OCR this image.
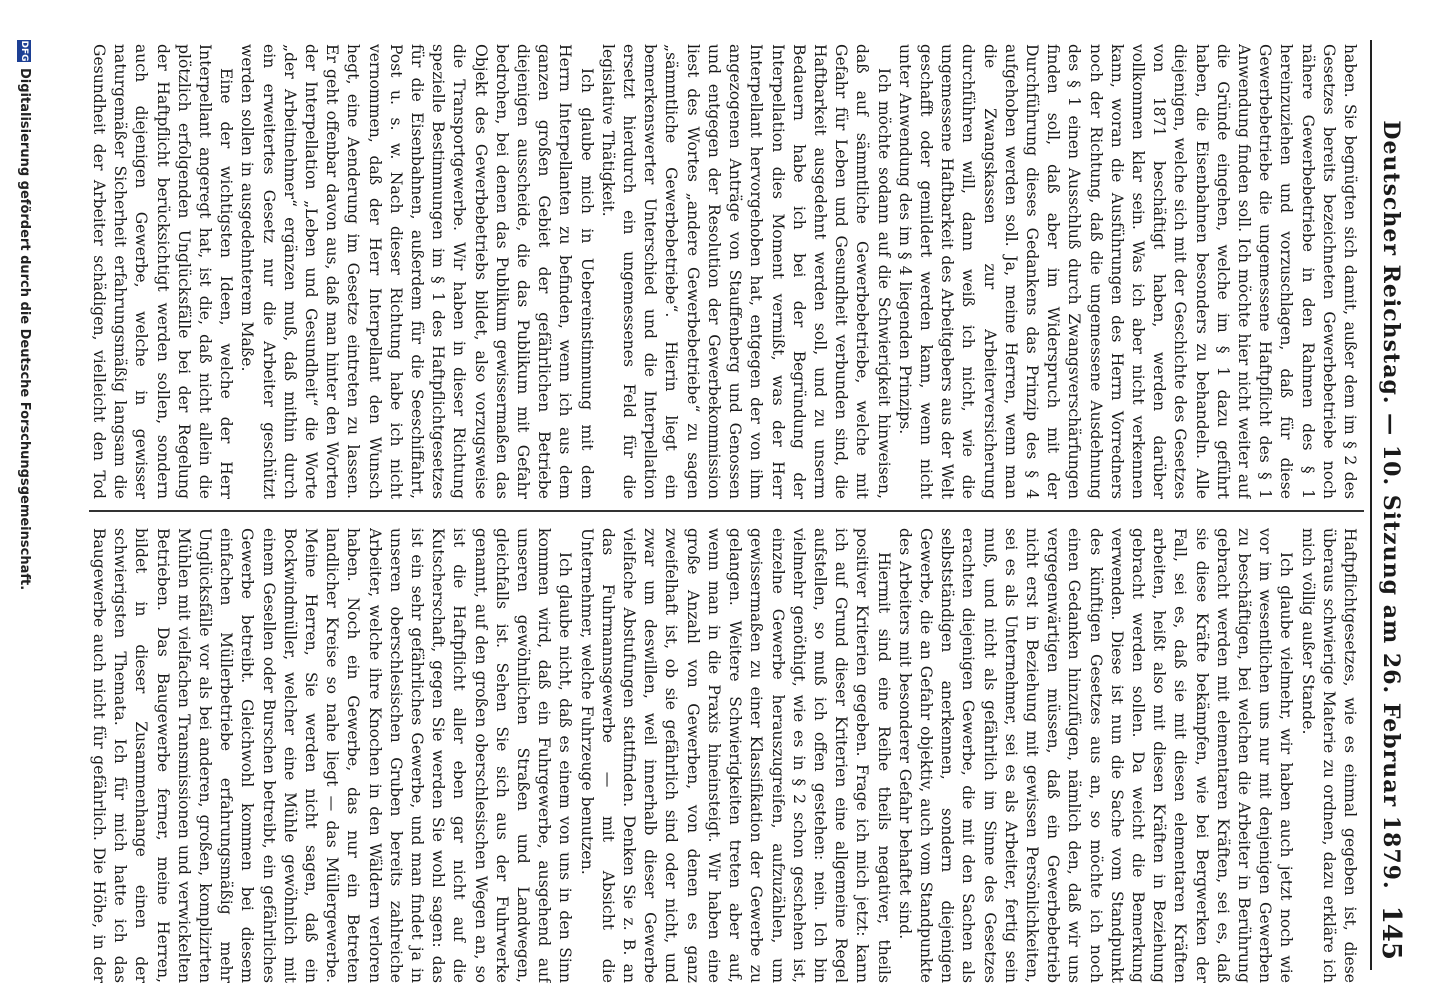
Deutscher Reichstag. — 10. Sitzung am 26. Februar 1879.
145

haben. Sie begnügten sich damit, außer dem im § 2 des Gesetzes bereits bezeichneten Gewerbebetriebe noch nähere Gewerbebetriebe in den Rahmen des § 1 hereinzuziehen und vorzuschlagen, daß für diese Gewerbebetriebe die ungemessene Haftpflicht des § 1 Anwendung finden soll. Ich möchte hier nicht weiter auf die Gründe eingehen, welche im § 1 dazu geführt haben, die Eisenbahnen besonders zu behandeln. Alle diejenigen, welche sich mit der Geschichte des Gesetzes von 1871 beschäftigt haben, werden darüber vollkommen klar sein. Was ich aber nicht verkennen kann, woran die Ausführungen des Herrn Vorredners noch der Richtung, daß die ungemessene Ausdehnung des § 1 einen Ausschluß durch Zwangsverschärfungen finden soll, daß aber im Widerspruch mit der Durchführung dieses Gedankens das Prinzip des § 4 aufgehoben werden soll. Ja, meine Herren, wenn man die Zwangskassen zur Arbeiterversicherung durchführen will, dann weiß ich nicht, wie die ungemessene Haftbarkeit des Arbeitgebers aus der Welt geschafft oder gemildert werden kann, wenn nicht unter Anwendung des im § 4 liegenden Prinzips.

Ich möchte sodann auf die Schwierigkeit hinweisen, daß auf sämmtliche Gewerbebetriebe, welche mit Gefahr für Leben und Gesundheit verbunden sind, die Haftbarkeit ausgedehnt werden soll, und zu unserm Bedauern habe ich bei der Begründung der Interpellation dies Moment vermißt, was der Herr Interpellant hervorgehoben hat, entgegen der von ihm angezogenen Anträge von Stauffenberg und Genossen und entgegen der Resolution der Gewerbekommission liest des Wortes „andere Gewerbebetriebe“ zu sagen „sämmtliche Gewerbebetriebe“. Hierin liegt ein bemerkenswerter Unterschied und die Interpellation ersetzt hierdurch ein ungemessenes Feld für die legislative Thätigkeit.

Ich glaube mich in Uebereinstimmung mit dem Herrn Interpellanten zu befinden, wenn ich aus dem ganzen großen Gebiet der gefährlichen Betriebe diejenigen ausscheide, die das Publikum mit Gefahr bedrohen, bei denen das Publikum gewissermaßen das Objekt des Gewerbebetriebs bildet, also vorzugsweise die Transportgewerbe. Wir haben in dieser Richtung spezielle Bestimmungen im § 1 des Haftpflichtgesetzes für die Eisenbahnen, außerdem für die Seeschiffahrt, Post u. s. w. Nach dieser Richtung habe ich nicht vernommen, daß der Herr Interpellant den Wunsch hegt, eine Aenderung im Gesetze eintreten zu lassen. Er geht offenbar davon aus, daß man hinter den Worten der Interpellation „Leben und Gesundheit“ die Worte „der Arbeitnehmer“ ergänzen muß, daß mithin durch ein erweitertes Gesetz nur die Arbeiter geschützt werden sollen in ausgedehnterem Maße.

Eine der wichtigsten Ideen, welche der Herr Interpellant angeregt hat, ist die, daß nicht allein die plötzlich erfolgenden Unglücksfälle bei der Regelung der Haftpflicht berücksichtigt werden sollen, sondern auch diejenigen Gewerbe, welche in gewisser naturgemäßer Sicherheit erfahrungsmäßig langsam die Gesundheit der Arbeiter schädigen, vielleicht den Tod

Haftpflichtgesetzes, wie es einmal gegeben ist, diese überaus schwierige Materie zu ordnen, dazu erkläre ich mich völlig außer Stande.

Ich glaube vielmehr, wir haben auch jetzt noch wie vor im wesentlichen uns nur mit denjenigen Gewerben zu beschäftigen, bei welchen die Arbeiter in Berührung gebracht werden mit elementaren Kräften, sei es, daß sie diese Kräfte bekämpfen, wie bei Bergwerken der Fall, sei es, daß sie mit diesen elementaren Kräften arbeiten, heißt also mit diesen Kräften in Beziehung gebracht werden sollen. Da weicht die Bemerkung verwenden. Diese ist nun die Sache vom Standpunkt des künftigen Gesetzes aus an, so möchte ich noch einen Gedanken hinzufügen, nämlich den, daß wir uns vergegenwärtigen müssen, daß ein Gewerbebetrieb nicht erst in Beziehung mit gewissen Persönlichkeiten, sei es als Unternehmer, sei es als Arbeiter, fertig sein muß, und nicht als gefährlich im Sinne des Gesetzes erachten diejenigen Gewerbe, die mit den Sachen als selbstständigen anerkennen, sondern diejenigen Gewerbe, die an Gefahr objektiv, auch vom Standpunkte des Arbeiters mit besonderer Gefahr behaftet sind.

Hiermit sind eine Reihe theils negativer, theils positiver Kriterien gegeben. Frage ich mich jetzt: kann ich auf Grund dieser Kriterien eine allgemeine Regel aufstellen, so muß ich offen gestehen: nein. Ich bin vielmehr genöthigt, wie es in § 2 schon geschehen ist, einzelne Gewerbe herauszugreifen, aufzuzählen, um gewissermaßen zu einer Klassifikation der Gewerbe zu gelangen. Weitere Schwierigkeiten treten aber auf, wenn man in die Praxis hineinsteigt. Wir haben eine große Anzahl von Gewerben, von denen es ganz zweifelhaft ist, ob sie gefährlich sind oder nicht, und zwar um deswillen, weil innerhalb dieser Gewerbe vielfache Abstufungen stattfinden. Denken Sie z. B. an das Fuhrmannsgewerbe — mit Absicht die Unternehmer, welche Fuhrzeuge benutzen.

Ich glaube nicht, daß es einem von uns in den Sinn kommen wird, daß ein Fuhrgewerbe, ausgehend auf unseren gewöhnlichen Straßen und Landwegen, gleichfalls ist. Sehen Sie sich aus der Fuhrwerke genannt, auf den großen oberschlesischen Wegen an, so ist die Haftpflicht aller eben gar nicht auf die Kutscherschaft, gegen Sie werden Sie wohl sagen: das ist ein sehr gefährliches Gewerbe, und man findet ja in unseren oberschlesischen Gruben bereits zahlreiche Arbeiter, welche ihre Knochen in den Wäldern verloren haben. Noch ein Gewerbe, das nur ein Betreten landlicher Kreise so nahe liegt — das Müllergewerbe. Meine Herren, Sie werden nicht sagen, daß ein Bockwindmüller, welcher eine Mühle gewöhnlich mit einem Gesellen oder Burschen betreibt, ein gefährliches Gewerbe betreibt. Gleichwohl kommen bei diesem einfachen Müllerbetriebe erfahrungsmäßig mehr Unglücksfälle vor als bei anderen, großen, komplizirten Mühlen mit vielfachen Transmissionen und verwickelten Betrieben. Das Baugewerbe ferner, meine Herren, bildet in dieser Zusammenhange einen der schwierigsten Themata. Ich für mich hatte ich das Baugewerbe auch nicht für gefährlich. Die Höhe, in der

DFGDigitalisierung gefördert durch die Deutsche Forschungsgemeinschaft.
